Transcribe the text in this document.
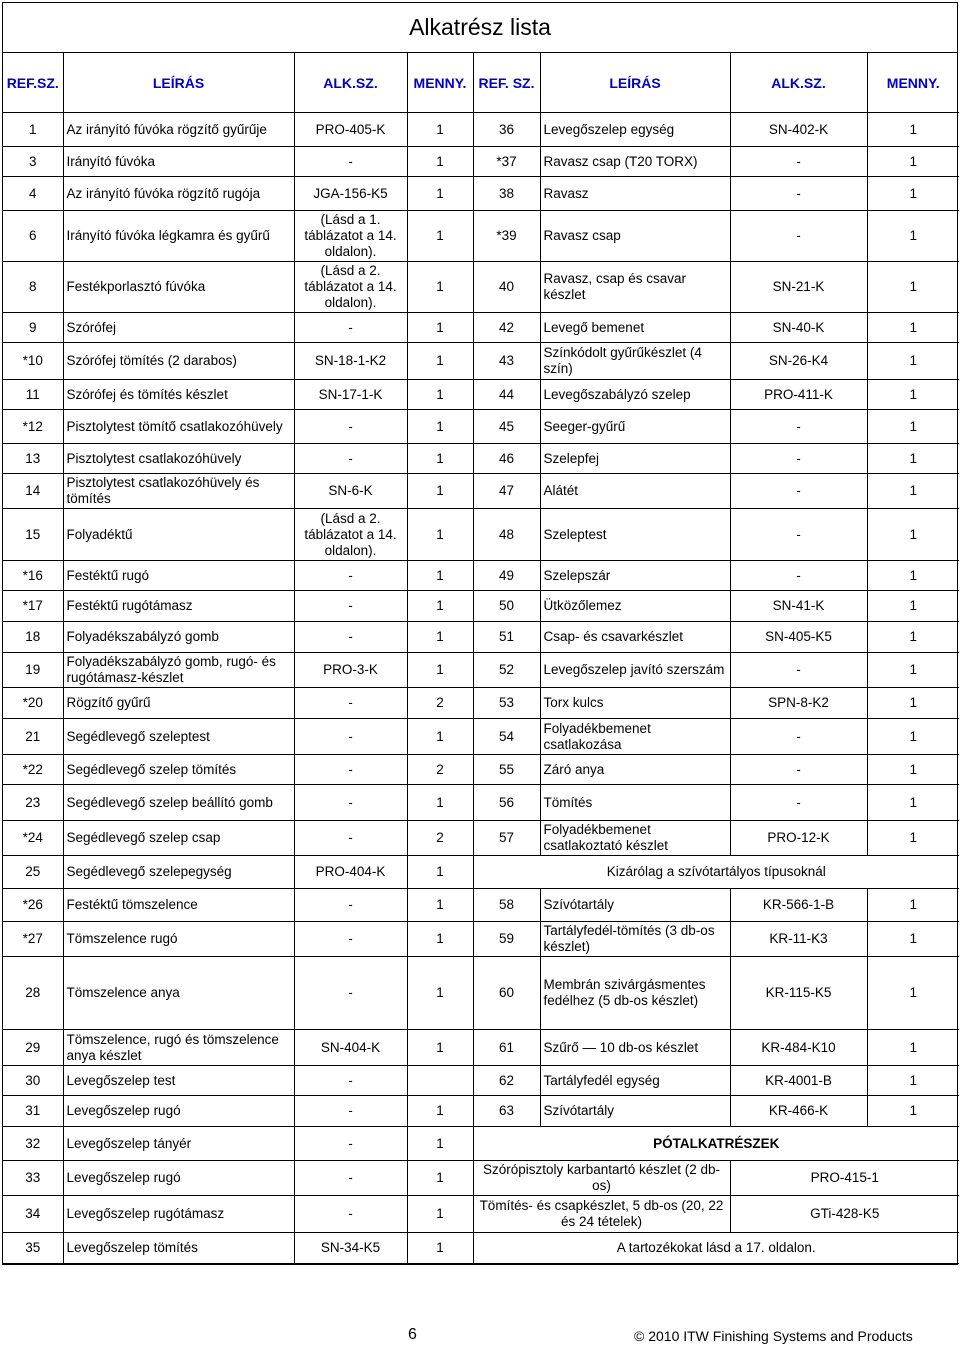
Alkatrész lista
REF.SZ.	LEÍRÁS	ALK.SZ.	MENNY.	REF. SZ.	LEÍRÁS	ALK.SZ.	MENNY.
1	Az irányító fúvóka rögzítő gyűrűje	PRO-405-K	1	36	Levegőszelep egység	SN-402-K	1
3	Irányító fúvóka	-	1	*37	Ravasz csap (T20 TORX)	-	1
4	Az irányító fúvóka rögzítő rugója	JGA-156-K5	1	38	Ravasz	-	1
6	Irányító fúvóka légkamra és gyűrű	(Lásd a 1. táblázatot a 14. oldalon).	1	*39	Ravasz csap	-	1
8	Festékporlasztó fúvóka	(Lásd a 2. táblázatot a 14. oldalon).	1	40	Ravasz, csap és csavar készlet	SN-21-K	1
9	Szórófej	-	1	42	Levegő bemenet	SN-40-K	1
*10	Szórófej tömítés (2 darabos)	SN-18-1-K2	1	43	Színkódolt gyűrűkészlet (4 szín)	SN-26-K4	1
11	Szórófej és tömítés készlet	SN-17-1-K	1	44	Levegőszabályzó szelep	PRO-411-K	1
*12	Pisztolytest tömítő csatlakozóhüvely	-	1	45	Seeger-gyűrű	-	1
13	Pisztolytest csatlakozóhüvely	-	1	46	Szelepfej	-	1
14	Pisztolytest csatlakozóhüvely és tömítés	SN-6-K	1	47	Alátét	-	1
15	Folyadéktű	(Lásd a 2. táblázatot a 14. oldalon).	1	48	Szeleptest	-	1
*16	Festéktű rugó	-	1	49	Szelepszár	-	1
*17	Festéktű rugótámasz	-	1	50	Ütközőlemez	SN-41-K	1
18	Folyadékszabályzó gomb	-	1	51	Csap- és csavarkészlet	SN-405-K5	1
19	Folyadékszabályzó gomb, rugó- és rugótámasz-készlet	PRO-3-K	1	52	Levegőszelep javító szerszám	-	1
*20	Rögzítő gyűrű	-	2	53	Torx kulcs	SPN-8-K2	1
21	Segédlevegő szeleptest	-	1	54	Folyadékbemenet csatlakozása	-	1
*22	Segédlevegő szelep tömítés	-	2	55	Záró anya	-	1
23	Segédlevegő szelep beállító gomb	-	1	56	Tömítés	-	1
*24	Segédlevegő szelep csap	-	2	57	Folyadékbemenet csatlakoztató készlet	PRO-12-K	1
25	Segédlevegő szelepegység	PRO-404-K	1	Kizárólag a szívótartályos típusoknál			
*26	Festéktű tömszelence	-	1	58	Szívótartály	KR-566-1-B	1
*27	Tömszelence rugó	-	1	59	Tartályfedél-tömítés (3 db-os készlet)	KR-11-K3	1
28	Tömszelence anya	-	1	60	Membrán szivárgásmentes fedélhez (5 db-os készlet)	KR-115-K5	1
29	Tömszelence, rugó és tömszelence anya készlet	SN-404-K	1	61	Szűrő — 10 db-os készlet	KR-484-K10	1
30	Levegőszelep test	-		62	Tartályfedél egység	KR-4001-B	1
31	Levegőszelep rugó	-	1	63	Szívótartály	KR-466-K	1
32	Levegőszelep tányér	-	1	PÓTALKATRÉSZEK			
33	Levegőszelep rugó	-	1	Szórópisztoly karbantartó készlet (2 db-os)		PRO-415-1	
34	Levegőszelep rugótámasz	-	1	Tömítés- és csapkészlet, 5 db-os (20, 22 és 24 tételek)		GTi-428-K5	
35	Levegőszelep tömítés	SN-34-K5	1	A tartozékokat lásd a 17. oldalon.			
6	© 2010 ITW Finishing Systems and Products
